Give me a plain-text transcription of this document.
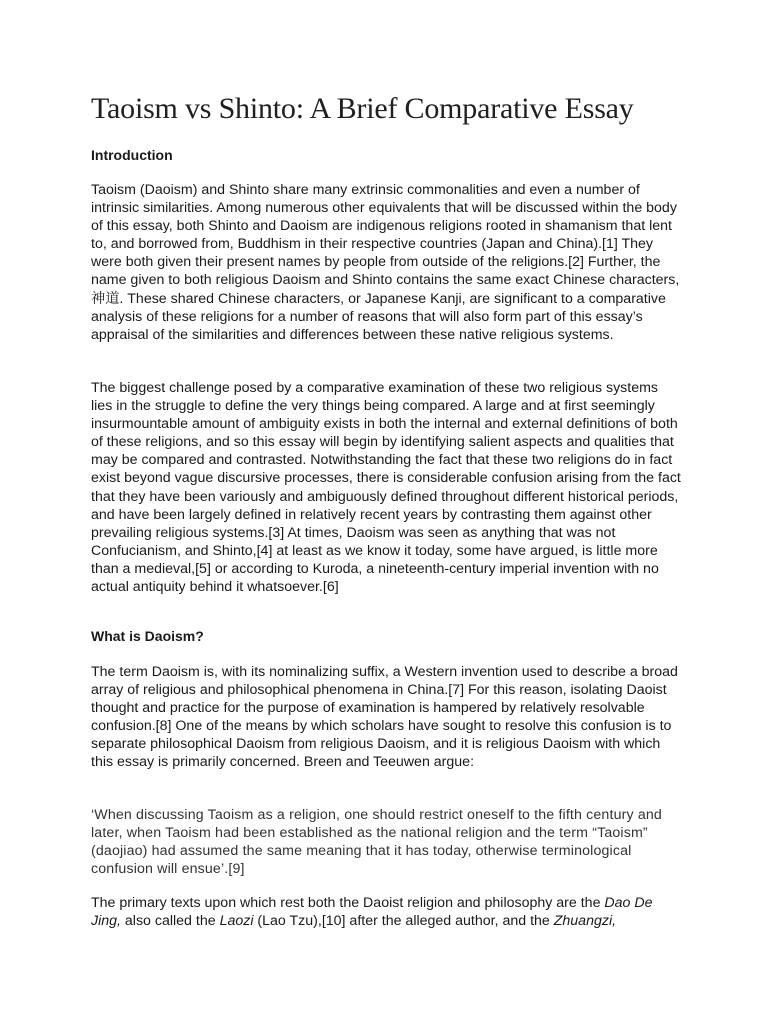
Taoism vs Shinto: A Brief Comparative Essay
Introduction

Taoism (Daoism) and Shinto share many extrinsic commonalities and even a number of intrinsic similarities. Among numerous other equivalents that will be discussed within the body of this essay, both Shinto and Daoism are indigenous religions rooted in shamanism that lent to, and borrowed from, Buddhism in their respective countries (Japan and China).[1] They were both given their present names by people from outside of the religions.[2] Further, the name given to both religious Daoism and Shinto contains the same exact Chinese characters, 神道. These shared Chinese characters, or Japanese Kanji, are significant to a comparative analysis of these religions for a number of reasons that will also form part of this essay’s appraisal of the similarities and differences between these native religious systems.

The biggest challenge posed by a comparative examination of these two religious systems lies in the struggle to define the very things being compared. A large and at first seemingly insurmountable amount of ambiguity exists in both the internal and external definitions of both of these religions, and so this essay will begin by identifying salient aspects and qualities that may be compared and contrasted. Notwithstanding the fact that these two religions do in fact exist beyond vague discursive processes, there is considerable confusion arising from the fact that they have been variously and ambiguously defined throughout different historical periods, and have been largely defined in relatively recent years by contrasting them against other prevailing religious systems.[3] At times, Daoism was seen as anything that was not Confucianism, and Shinto,[4] at least as we know it today, some have argued, is little more than a medieval,[5] or according to Kuroda, a nineteenth-century imperial invention with no actual antiquity behind it whatsoever.[6]

What is Daoism?

The term Daoism is, with its nominalizing suffix, a Western invention used to describe a broad array of religious and philosophical phenomena in China.[7] For this reason, isolating Daoist thought and practice for the purpose of examination is hampered by relatively resolvable confusion.[8] One of the means by which scholars have sought to resolve this confusion is to separate philosophical Daoism from religious Daoism, and it is religious Daoism with which this essay is primarily concerned. Breen and Teeuwen argue:

‘When discussing Taoism as a religion, one should restrict oneself to the fifth century and later, when Taoism had been established as the national religion and the term “Taoism” (daojiao) had assumed the same meaning that it has today, otherwise terminological confusion will ensue’.[9]

The primary texts upon which rest both the Daoist religion and philosophy are the Dao De Jing, also called the Laozi (Lao Tzu),[10] after the alleged author, and the Zhuangzi,
